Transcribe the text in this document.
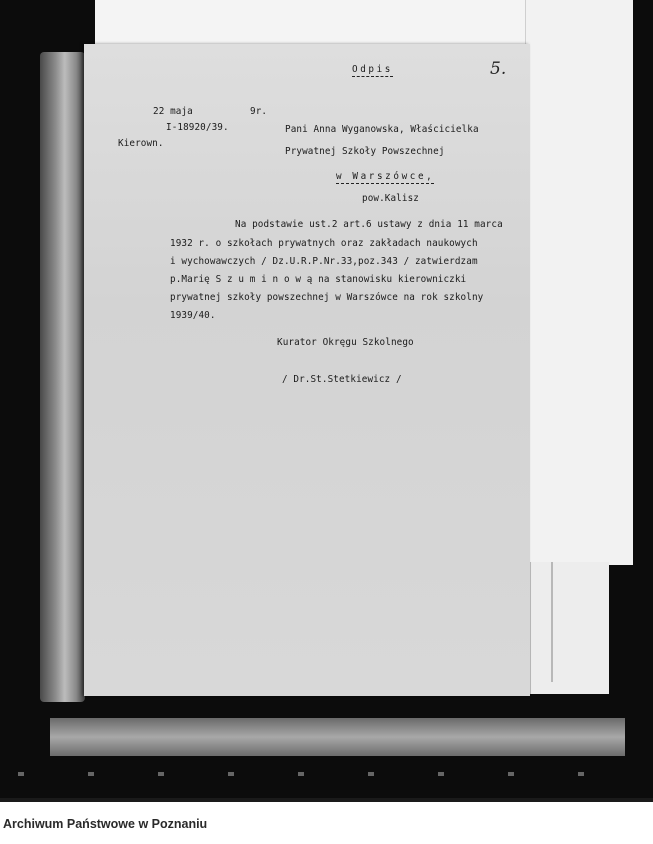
Odpis	5.
22 maja	9r.
I-18920/39.
Kierown.
Pani Anna Wyganowska, Właścicielka
Prywatnej Szkoły Powszechnej
w Warszówce,
pow.Kalisz
Na podstawie ust.2 art.6 ustawy z dnia 11 marca
1932 r. o szkołach prywatnych oraz zakładach naukowych
i wychowawczych / Dz.U.R.P.Nr.33,poz.343 / zatwierdzam
p.Marię S z u m i n o w ą na stanowisku kierowniczki
prywatnej szkoły powszechnej w Warszówce na rok szkolny
1939/40.
Kurator Okręgu Szkolnego
/ Dr.St.Stetkiewicz /
Archiwum Państwowe w Poznaniu
